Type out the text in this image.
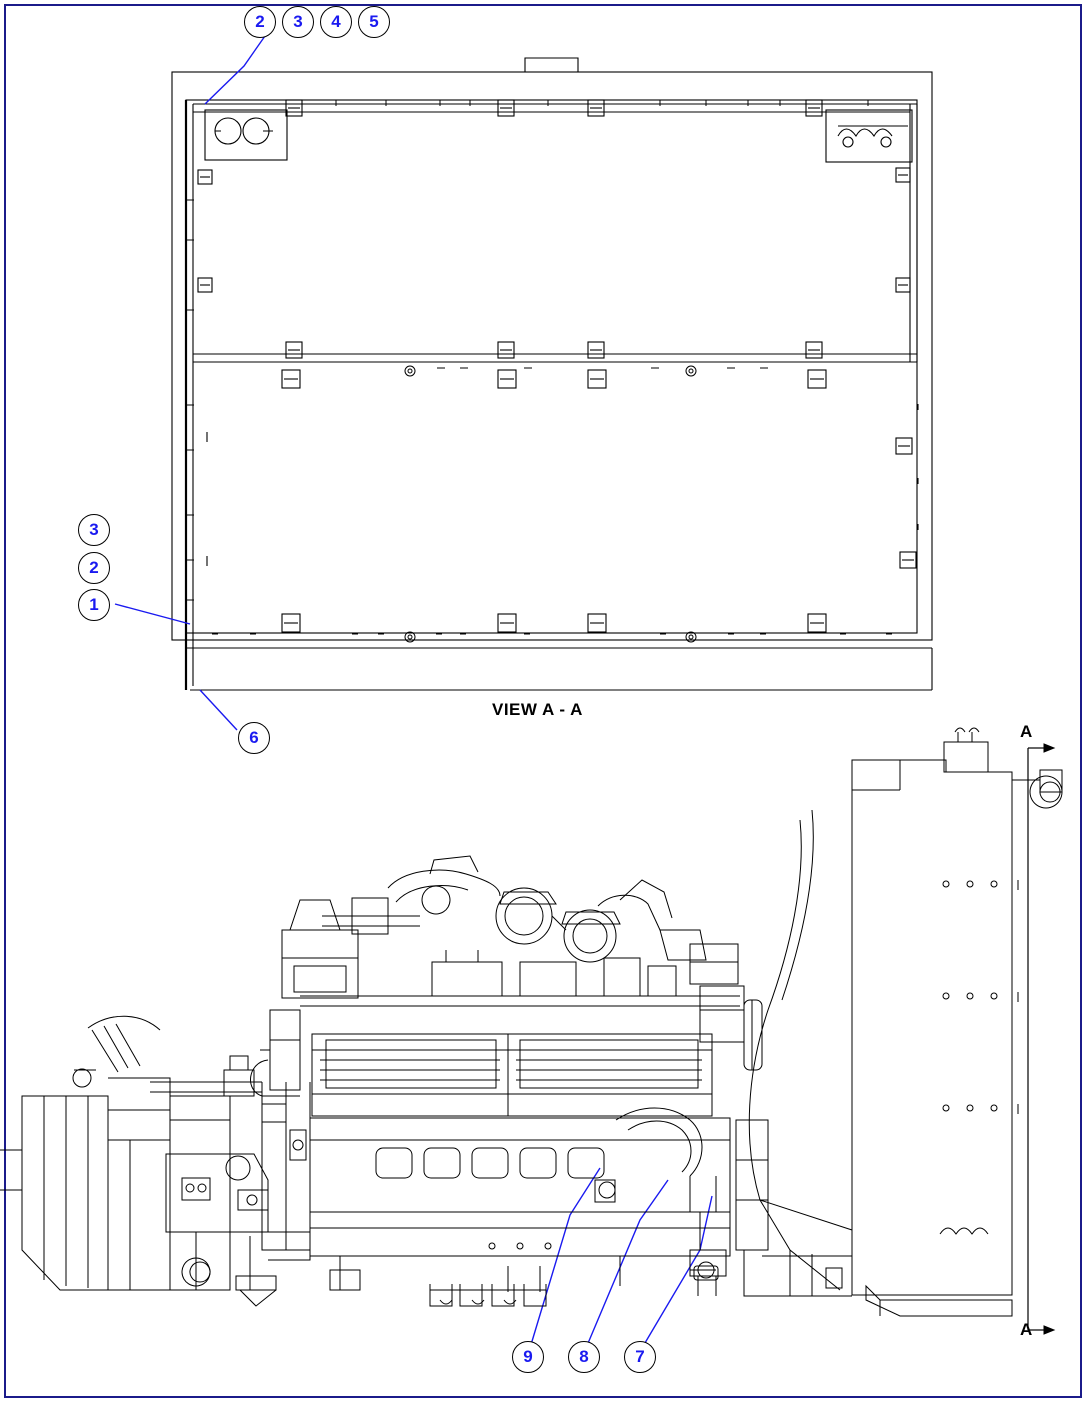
2	3	4	5
3
2
1
6
9	8	7
VIEW A - A
A
A
